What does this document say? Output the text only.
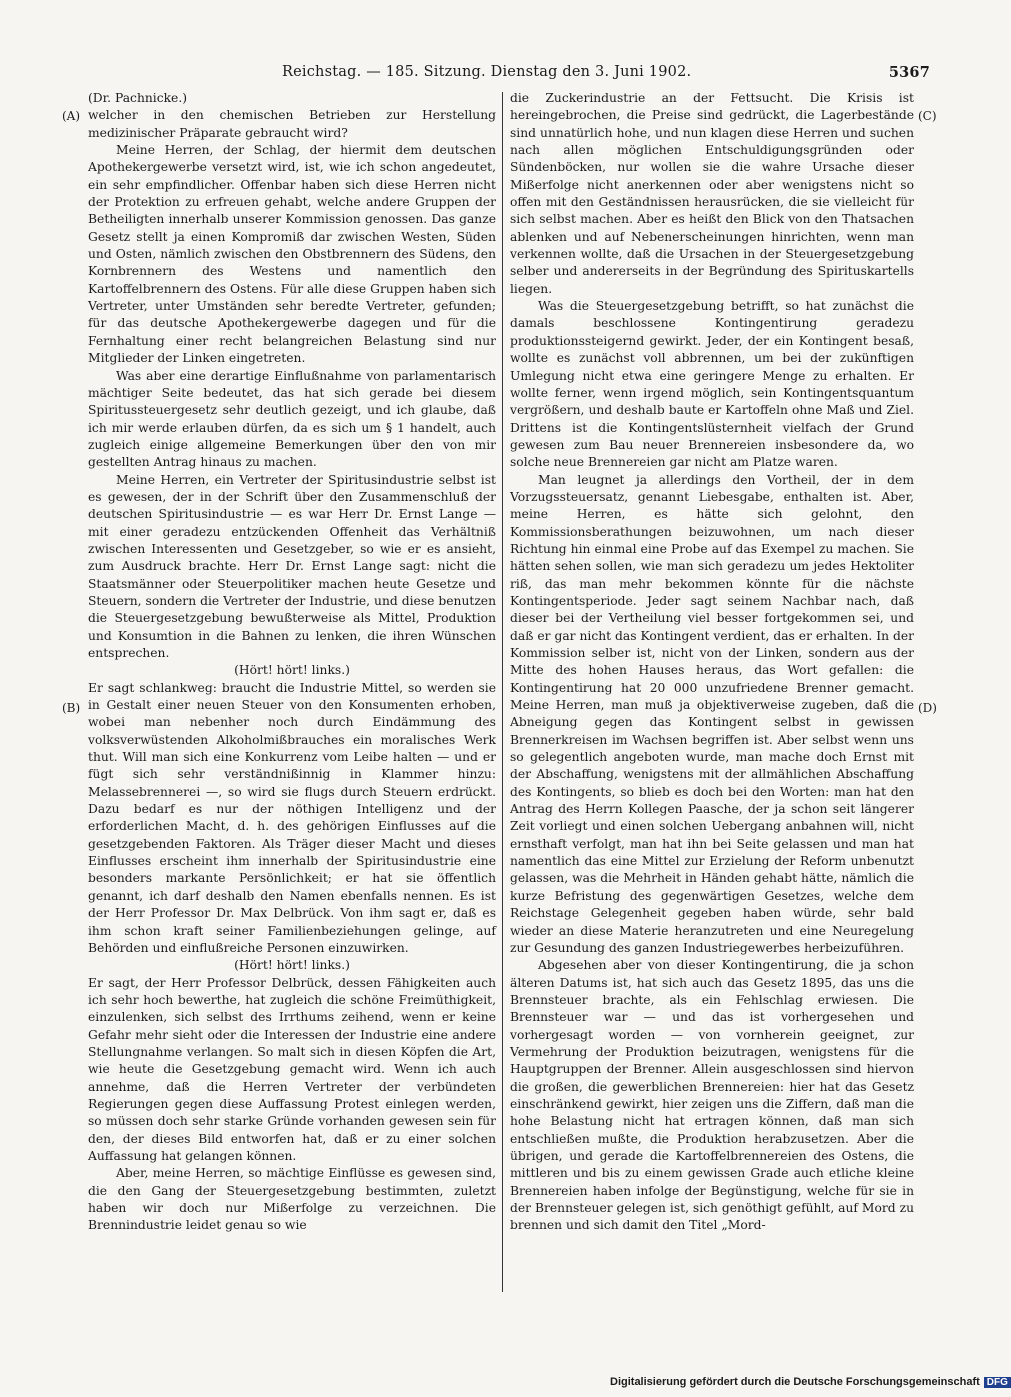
Reichstag. — 185. Sitzung. Dienstag den 3. Juni 1902.	5367
(A)
(B)
(C)
(D)

(Dr. Pachnicke.)

welcher in den chemischen Betrieben zur Herstellung medizinischer Präparate gebraucht wird?

Meine Herren, der Schlag, der hiermit dem deutschen Apothekergewerbe versetzt wird, ist, wie ich schon angedeutet, ein sehr empfindlicher. Offenbar haben sich diese Herren nicht der Protektion zu erfreuen gehabt, welche andere Gruppen der Betheiligten innerhalb unserer Kommission genossen. Das ganze Gesetz stellt ja einen Kompromiß dar zwischen Westen, Süden und Osten, nämlich zwischen den Obstbrennern des Südens, den Kornbrennern des Westens und namentlich den Kartoffelbrennern des Ostens. Für alle diese Gruppen haben sich Vertreter, unter Umständen sehr beredte Vertreter, gefunden; für das deutsche Apothekergewerbe dagegen und für die Fernhaltung einer recht belangreichen Belastung sind nur Mitglieder der Linken eingetreten.

Was aber eine derartige Einflußnahme von parlamentarisch mächtiger Seite bedeutet, das hat sich gerade bei diesem Spiritussteuergesetz sehr deutlich gezeigt, und ich glaube, daß ich mir werde erlauben dürfen, da es sich um § 1 handelt, auch zugleich einige allgemeine Bemerkungen über den von mir gestellten Antrag hinaus zu machen.

Meine Herren, ein Vertreter der Spiritusindustrie selbst ist es gewesen, der in der Schrift über den Zusammenschluß der deutschen Spiritusindustrie — es war Herr Dr. Ernst Lange — mit einer geradezu entzückenden Offenheit das Verhältniß zwischen Interessenten und Gesetzgeber, so wie er es ansieht, zum Ausdruck brachte. Herr Dr. Ernst Lange sagt: nicht die Staatsmänner oder Steuerpolitiker machen heute Gesetze und Steuern, sondern die Vertreter der Industrie, und diese benutzen die Steuergesetzgebung bewußterweise als Mittel, Produktion und Konsumtion in die Bahnen zu lenken, die ihren Wünschen entsprechen.

(Hört! hört! links.)

Er sagt schlankweg: braucht die Industrie Mittel, so werden sie in Gestalt einer neuen Steuer von den Konsumenten erhoben, wobei man nebenher noch durch Eindämmung des volksverwüstenden Alkoholmißbrauches ein moralisches Werk thut. Will man sich eine Konkurrenz vom Leibe halten — und er fügt sich sehr verständnißinnig in Klammer hinzu: Melassebrennerei —, so wird sie flugs durch Steuern erdrückt. Dazu bedarf es nur der nöthigen Intelligenz und der erforderlichen Macht, d. h. des gehörigen Einflusses auf die gesetzgebenden Faktoren. Als Träger dieser Macht und dieses Einflusses erscheint ihm innerhalb der Spiritusindustrie eine besonders markante Persönlichkeit; er hat sie öffentlich genannt, ich darf deshalb den Namen ebenfalls nennen. Es ist der Herr Professor Dr. Max Delbrück. Von ihm sagt er, daß es ihm schon kraft seiner Familienbeziehungen gelinge, auf Behörden und einflußreiche Personen einzuwirken.

(Hört! hört! links.)

Er sagt, der Herr Professor Delbrück, dessen Fähigkeiten auch ich sehr hoch bewerthe, hat zugleich die schöne Freimüthigkeit, einzulenken, sich selbst des Irrthums zeihend, wenn er keine Gefahr mehr sieht oder die Interessen der Industrie eine andere Stellungnahme verlangen. So malt sich in diesen Köpfen die Art, wie heute die Gesetzgebung gemacht wird. Wenn ich auch annehme, daß die Herren Vertreter der verbündeten Regierungen gegen diese Auffassung Protest einlegen werden, so müssen doch sehr starke Gründe vorhanden gewesen sein für den, der dieses Bild entworfen hat, daß er zu einer solchen Auffassung hat gelangen können.

Aber, meine Herren, so mächtige Einflüsse es gewesen sind, die den Gang der Steuergesetzgebung bestimmten, zuletzt haben wir doch nur Mißerfolge zu verzeichnen. Die Brennindustrie leidet genau so wie

die Zuckerindustrie an der Fettsucht. Die Krisis ist hereingebrochen, die Preise sind gedrückt, die Lagerbestände sind unnatürlich hohe, und nun klagen diese Herren und suchen nach allen möglichen Entschuldigungsgründen oder Sündenböcken, nur wollen sie die wahre Ursache dieser Mißerfolge nicht anerkennen oder aber wenigstens nicht so offen mit den Geständnissen herausrücken, die sie vielleicht für sich selbst machen. Aber es heißt den Blick von den Thatsachen ablenken und auf Nebenerscheinungen hinrichten, wenn man verkennen wollte, daß die Ursachen in der Steuergesetzgebung selber und andererseits in der Begründung des Spirituskartells liegen.

Was die Steuergesetzgebung betrifft, so hat zunächst die damals beschlossene Kontingentirung geradezu produktionssteigernd gewirkt. Jeder, der ein Kontingent besaß, wollte es zunächst voll abbrennen, um bei der zukünftigen Umlegung nicht etwa eine geringere Menge zu erhalten. Er wollte ferner, wenn irgend möglich, sein Kontingentsquantum vergrößern, und deshalb baute er Kartoffeln ohne Maß und Ziel. Drittens ist die Kontingentslüsternheit vielfach der Grund gewesen zum Bau neuer Brennereien insbesondere da, wo solche neue Brennereien gar nicht am Platze waren.

Man leugnet ja allerdings den Vortheil, der in dem Vorzugssteuersatz, genannt Liebesgabe, enthalten ist. Aber, meine Herren, es hätte sich gelohnt, den Kommissionsberathungen beizuwohnen, um nach dieser Richtung hin einmal eine Probe auf das Exempel zu machen. Sie hätten sehen sollen, wie man sich geradezu um jedes Hektoliter riß, das man mehr bekommen könnte für die nächste Kontingentsperiode. Jeder sagt seinem Nachbar nach, daß dieser bei der Vertheilung viel besser fortgekommen sei, und daß er gar nicht das Kontingent verdient, das er erhalten. In der Kommission selber ist, nicht von der Linken, sondern aus der Mitte des hohen Hauses heraus, das Wort gefallen: die Kontingentirung hat 20 000 unzufriedene Brenner gemacht. Meine Herren, man muß ja objektiverweise zugeben, daß die Abneigung gegen das Kontingent selbst in gewissen Brennerkreisen im Wachsen begriffen ist. Aber selbst wenn uns so gelegentlich angeboten wurde, man mache doch Ernst mit der Abschaffung, wenigstens mit der allmählichen Abschaffung des Kontingents, so blieb es doch bei den Worten: man hat den Antrag des Herrn Kollegen Paasche, der ja schon seit längerer Zeit vorliegt und einen solchen Uebergang anbahnen will, nicht ernsthaft verfolgt, man hat ihn bei Seite gelassen und man hat namentlich das eine Mittel zur Erzielung der Reform unbenutzt gelassen, was die Mehrheit in Händen gehabt hätte, nämlich die kurze Befristung des gegenwärtigen Gesetzes, welche dem Reichstage Gelegenheit gegeben haben würde, sehr bald wieder an diese Materie heranzutreten und eine Neuregelung zur Gesundung des ganzen Industriegewerbes herbeizuführen.

Abgesehen aber von dieser Kontingentirung, die ja schon älteren Datums ist, hat sich auch das Gesetz 1895, das uns die Brennsteuer brachte, als ein Fehlschlag erwiesen. Die Brennsteuer war — und das ist vorhergesehen und vorhergesagt worden — von vornherein geeignet, zur Vermehrung der Produktion beizutragen, wenigstens für die Hauptgruppen der Brenner. Allein ausgeschlossen sind hiervon die großen, die gewerblichen Brennereien: hier hat das Gesetz einschränkend gewirkt, hier zeigen uns die Ziffern, daß man die hohe Belastung nicht hat ertragen können, daß man sich entschließen mußte, die Produktion herabzusetzen. Aber die übrigen, und gerade die Kartoffelbrennereien des Ostens, die mittleren und bis zu einem gewissen Grade auch etliche kleine Brennereien haben infolge der Begünstigung, welche für sie in der Brennsteuer gelegen ist, sich genöthigt gefühlt, auf Mord zu brennen und sich damit den Titel „Mord-

Digitalisierung gefördert durch die Deutsche Forschungsgemeinschaft DFG
